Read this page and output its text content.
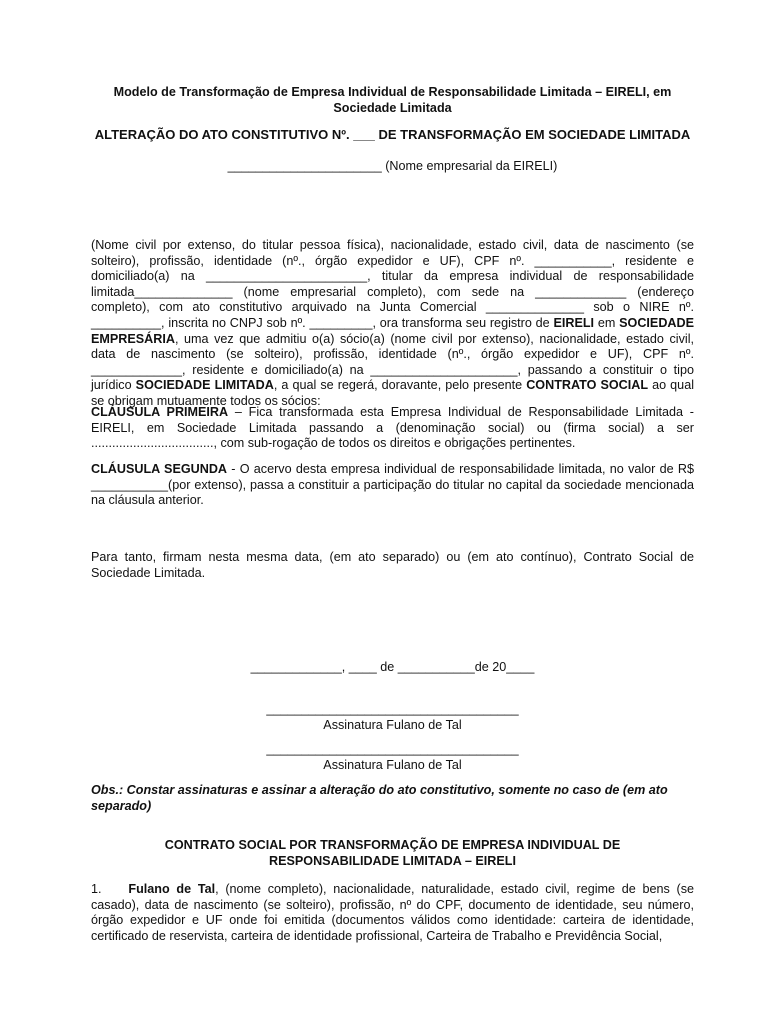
Modelo de Transformação de Empresa Individual de Responsabilidade Limitada – EIRELI, em
Sociedade Limitada
ALTERAÇÃO DO ATO CONSTITUTIVO Nº. ___ DE TRANSFORMAÇÃO EM SOCIEDADE LIMITADA
______________________ (Nome empresarial da EIRELI)
(Nome civil por extenso, do titular pessoa física), nacionalidade, estado civil, data de nascimento (se solteiro), profissão, identidade (nº., órgão expedidor e UF), CPF nº. ___________, residente e domiciliado(a) na _______________________, titular da empresa individual de responsabilidade limitada______________ (nome empresarial completo), com sede na _____________ (endereço completo), com ato constitutivo arquivado na Junta Comercial ______________ sob o NIRE nº. __________, inscrita no CNPJ sob nº. _________, ora transforma seu registro de EIRELI em SOCIEDADE EMPRESÁRIA, uma vez que admitiu o(a) sócio(a) (nome civil por extenso), nacionalidade, estado civil, data de nascimento (se solteiro), profissão, identidade (nº., órgão expedidor e UF), CPF nº. _____________, residente e domiciliado(a) na _____________________, passando a constituir o tipo jurídico SOCIEDADE LIMITADA, a qual se regerá, doravante, pelo presente CONTRATO SOCIAL ao qual se obrigam mutuamente todos os sócios:
CLÁUSULA PRIMEIRA – Fica transformada esta Empresa Individual de Responsabilidade Limitada - EIRELI, em Sociedade Limitada passando a (denominação social) ou (firma social) a ser ..................................., com sub-rogação de todos os direitos e obrigações pertinentes.
CLÁUSULA SEGUNDA - O acervo desta empresa individual de responsabilidade limitada, no valor de R$ ___________(por extenso), passa a constituir a participação do titular no capital da sociedade mencionada na cláusula anterior.
Para tanto, firmam nesta mesma data, (em ato separado) ou (em ato contínuo), Contrato Social de Sociedade Limitada.
_____________, ____ de ___________de 20____
____________________________________
Assinatura Fulano de Tal
____________________________________
Assinatura Fulano de Tal
Obs.: Constar assinaturas e assinar a alteração do ato constitutivo, somente no caso de (em ato separado)
CONTRATO SOCIAL POR TRANSFORMAÇÃO DE EMPRESA INDIVIDUAL DE
RESPONSABILIDADE LIMITADA – EIRELI
1. Fulano de Tal, (nome completo), nacionalidade, naturalidade, estado civil, regime de bens (se casado), data de nascimento (se solteiro), profissão, nº do CPF, documento de identidade, seu número, órgão expedidor e UF onde foi emitida (documentos válidos como identidade: carteira de identidade, certificado de reservista, carteira de identidade profissional, Carteira de Trabalho e Previdência Social,
